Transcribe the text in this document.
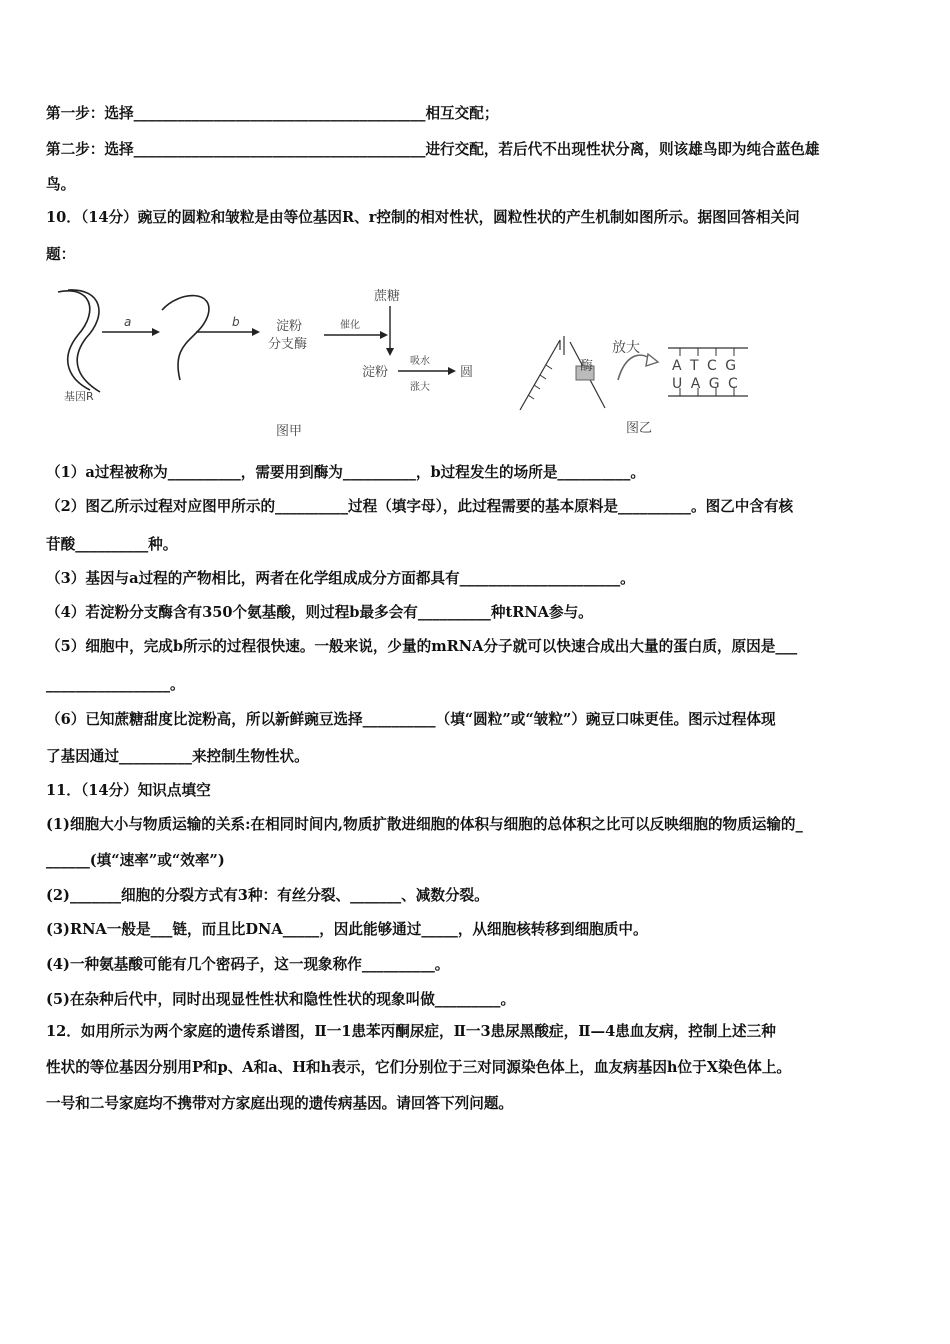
第一步：选择________________________________________相互交配；
第二步：选择________________________________________进行交配，若后代不出现性状分离，则该雄鸟即为纯合蓝色雄
鸟。
10．（14分）豌豆的圆粒和皱粒是由等位基因R、r控制的相对性状，圆粒性状的产生机制如图所示。据图回答相关问
题：
（1）a过程被称为__________，需要用到酶为__________，b过程发生的场所是__________。
（2）图乙所示过程对应图甲所示的__________过程（填字母），此过程需要的基本原料是__________。图乙中含有核
苷酸__________种。
（3）基因与a过程的产物相比，两者在化学组成成分方面都具有______________________。
（4）若淀粉分支酶含有350个氨基酸，则过程b最多会有__________种tRNA参与。
（5）细胞中，完成b所示的过程很快速。一般来说，少量的mRNA分子就可以快速合成出大量的蛋白质，原因是___
_________________。
（6）已知蔗糖甜度比淀粉高，所以新鲜豌豆选择__________（填“圆粒”或“皱粒”）豌豆口味更佳。图示过程体现
了基因通过__________来控制生物性状。
11．（14分）知识点填空
(1)细胞大小与物质运输的关系:在相同时间内,物质扩散进细胞的体积与细胞的总体积之比可以反映细胞的物质运输的_
______(填“速率”或“效率”)
(2)_______细胞的分裂方式有3种：有丝分裂、_______、减数分裂。
(3)RNA一般是___链，而且比DNA_____，因此能够通过_____，从细胞核转移到细胞质中。
(4)一种氨基酸可能有几个密码子，这一现象称作__________。
(5)在杂种后代中，同时出现显性性状和隐性性状的现象叫做_________。
12．如用所示为两个家庭的遗传系谱图，Ⅱ一1患苯丙酮尿症，Ⅱ一3患尿黑酸症，Ⅱ—4患血友病，控制上述三种
性状的等位基因分别用P和p、A和a、H和h表示，它们分别位于三对同源染色体上，血友病基因h位于X染色体上。
一号和二号家庭均不携带对方家庭出现的遗传病基因。请回答下列问题。
基因R
a	b	淀粉
分支酶
催化
蔗糖
淀粉
吸水
涨大
圆
图甲
酶
放大
A T C G
U A G C
图乙
